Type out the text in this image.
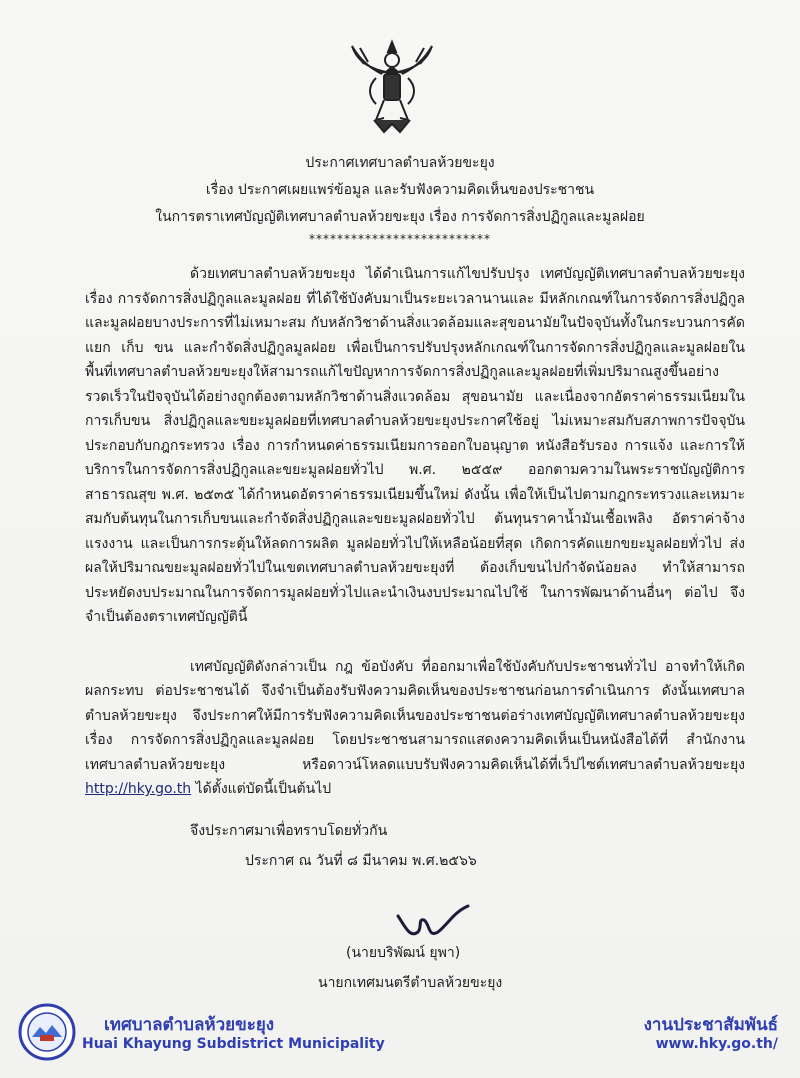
ประกาศเทศบาลตำบลห้วยขะยุง
เรื่อง ประกาศเผยแพร่ข้อมูล และรับฟังความคิดเห็นของประชาชน
ในการตราเทศบัญญัติเทศบาลตำบลห้วยขะยุง เรื่อง การจัดการสิ่งปฏิกูลและมูลฝอย
**************************

ด้วยเทศบาลตำบลห้วยขะยุง ได้ดำเนินการแก้ไขปรับปรุง เทศบัญญัติเทศบาลตำบลห้วยขะยุง เรื่อง การจัดการสิ่งปฏิกูลและมูลฝอย ที่ได้ใช้บังคับมาเป็นระยะเวลานานและ มีหลักเกณฑ์ในการจัดการสิ่งปฏิกูลและมูลฝอยบางประการที่ไม่เหมาะสม กับหลักวิชาด้านสิ่งแวดล้อมและสุขอนามัยในปัจจุบันทั้งในกระบวนการคัดแยก เก็บ ขน และกำจัดสิ่งปฏิกูลมูลฝอย เพื่อเป็นการปรับปรุงหลักเกณฑ์ในการจัดการสิ่งปฏิกูลและมูลฝอยในพื้นที่เทศบาลตำบลห้วยขะยุงให้สามารถแก้ไขปัญหาการจัดการสิ่งปฏิกูลและมูลฝอยที่เพิ่มปริมาณสูงขึ้นอย่างรวดเร็วในปัจจุบันได้อย่างถูกต้องตามหลักวิชาด้านสิ่งแวดล้อม สุขอนามัย และเนื่องจากอัตราค่าธรรมเนียมในการเก็บขน สิ่งปฏิกูลและขยะมูลฝอยที่เทศบาลตำบลห้วยขะยุงประกาศใช้อยู่ ไม่เหมาะสมกับสภาพการปัจจุบันประกอบกับกฎกระทรวง เรื่อง การกำหนดค่าธรรมเนียมการออกใบอนุญาต หนังสือรับรอง การแจ้ง และการให้บริการในการจัดการสิ่งปฏิกูลและขยะมูลฝอยทั่วไป พ.ศ. ๒๕๕๙ ออกตามความในพระราชบัญญัติการสาธารณสุข พ.ศ. ๒๕๓๕ ได้กำหนดอัตราค่าธรรมเนียมขึ้นใหม่ ดังนั้น เพื่อให้เป็นไปตามกฎกระทรวงและเหมาะสมกับต้นทุนในการเก็บขนและกำจัดสิ่งปฏิกูลและขยะมูลฝอยทั่วไป ต้นทุนราคาน้ำมันเชื้อเพลิง อัตราค่าจ้างแรงงาน และเป็นการกระตุ้นให้ลดการผลิต มูลฝอยทั่วไปให้เหลือน้อยที่สุด เกิดการคัดแยกขยะมูลฝอยทั่วไป ส่งผลให้ปริมาณขยะมูลฝอยทั่วไปในเขตเทศบาลตำบลห้วยขะยุงที่ ต้องเก็บขนไปกำจัดน้อยลง ทำให้สามารถประหยัดงบประมาณในการจัดการมูลฝอยทั่วไปและนำเงินงบประมาณไปใช้ ในการพัฒนาด้านอื่นๆ ต่อไป จึงจำเป็นต้องตราเทศบัญญัตินี้

เทศบัญญัติดังกล่าวเป็น กฎ ข้อบังคับ ที่ออกมาเพื่อใช้บังคับกับประชาชนทั่วไป อาจทำให้เกิดผลกระทบ ต่อประชาชนได้ จึงจำเป็นต้องรับฟังความคิดเห็นของประชาชนก่อนการดำเนินการ ดังนั้นเทศบาลตำบลห้วยขะยุง จึงประกาศให้มีการรับฟังความคิดเห็นของประชาชนต่อร่างเทศบัญญัติเทศบาลตำบลห้วยขะยุง เรื่อง การจัดการสิ่งปฏิกูลและมูลฝอย โดยประชาชนสามารถแสดงความคิดเห็นเป็นหนังสือได้ที่ สำนักงานเทศบาลตำบลห้วยขะยุง หรือดาวน์โหลดแบบรับฟังความคิดเห็นได้ที่เว็ปไซต์เทศบาลตำบลห้วยขะยุง http://hky.go.th ได้ตั้งแต่บัดนี้เป็นต้นไป

จึงประกาศมาเพื่อทราบโดยทั่วกัน
ประกาศ ณ วันที่ ๘ มีนาคม พ.ศ.๒๕๖๖
(นายบริพัฒน์ ยุพา)
นายกเทศมนตรีตำบลห้วยขะยุง
เทศบาลตำบลห้วยขะยุง
Huai Khayung Subdistrict Municipality
งานประชาสัมพันธ์
www.hky.go.th/
